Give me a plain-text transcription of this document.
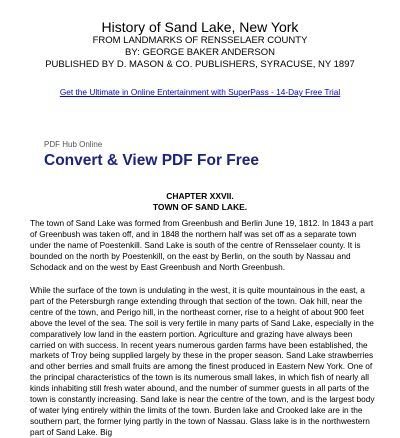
History of Sand Lake, New York
FROM LANDMARKS OF RENSSELAER COUNTY
BY: GEORGE BAKER ANDERSON
PUBLISHED BY D. MASON & CO. PUBLISHERS, SYRACUSE, NY 1897
Get the Ultimate in Online Entertainment with SuperPass - 14-Day Free Trial
PDF Hub Online
Convert & View PDF For Free
CHAPTER XXVII.
TOWN OF SAND LAKE.

The town of Sand Lake was formed from Greenbush and Berlin June 19, 1812. In 1843 a part of Greenbush was taken off, and in 1848 the northern half was set off as a separate town under the name of Poestenkill. Sand Lake is south of the centre of Rensselaer county. It is bounded on the north by Poestenkill, on the east by Berlin, on the south by Nassau and Schodack and on the west by East Greenbush and North Greenbush.

While the surface of the town is undulating in the west, it is quite mountainous in the east, a part of the Petersburgh range extending through that section of the town. Oak hill, near the centre of the town, and Perigo hill, in the northeast corner, rise to a height of about 900 feet above the level of the sea. The soil is very fertile in many parts of Sand Lake, especially in the comparatively low land in the eastern portion. Agriculture and grazing have always been carried on with success. In recent years numerous garden farms have been established, the markets of Troy being supplied largely by these in the proper season. Sand Lake strawberries and other berries and small fruits are among the finest produced in Eastern New York. One of the principal characteristics of the town is its numerous small lakes, in which fish of nearly all kinds inhabiting still fresh water abound, and the number of summer guests in all parts of the town is constantly increasing. Sand lake is near the centre of the town, and is the largest body of water lying entirely within the limits of the town. Burden lake and Crooked lake are in the southern part, the former lying partly in the town of Nassau. Glass lake is in the northwestern part of Sand Lake. Big
